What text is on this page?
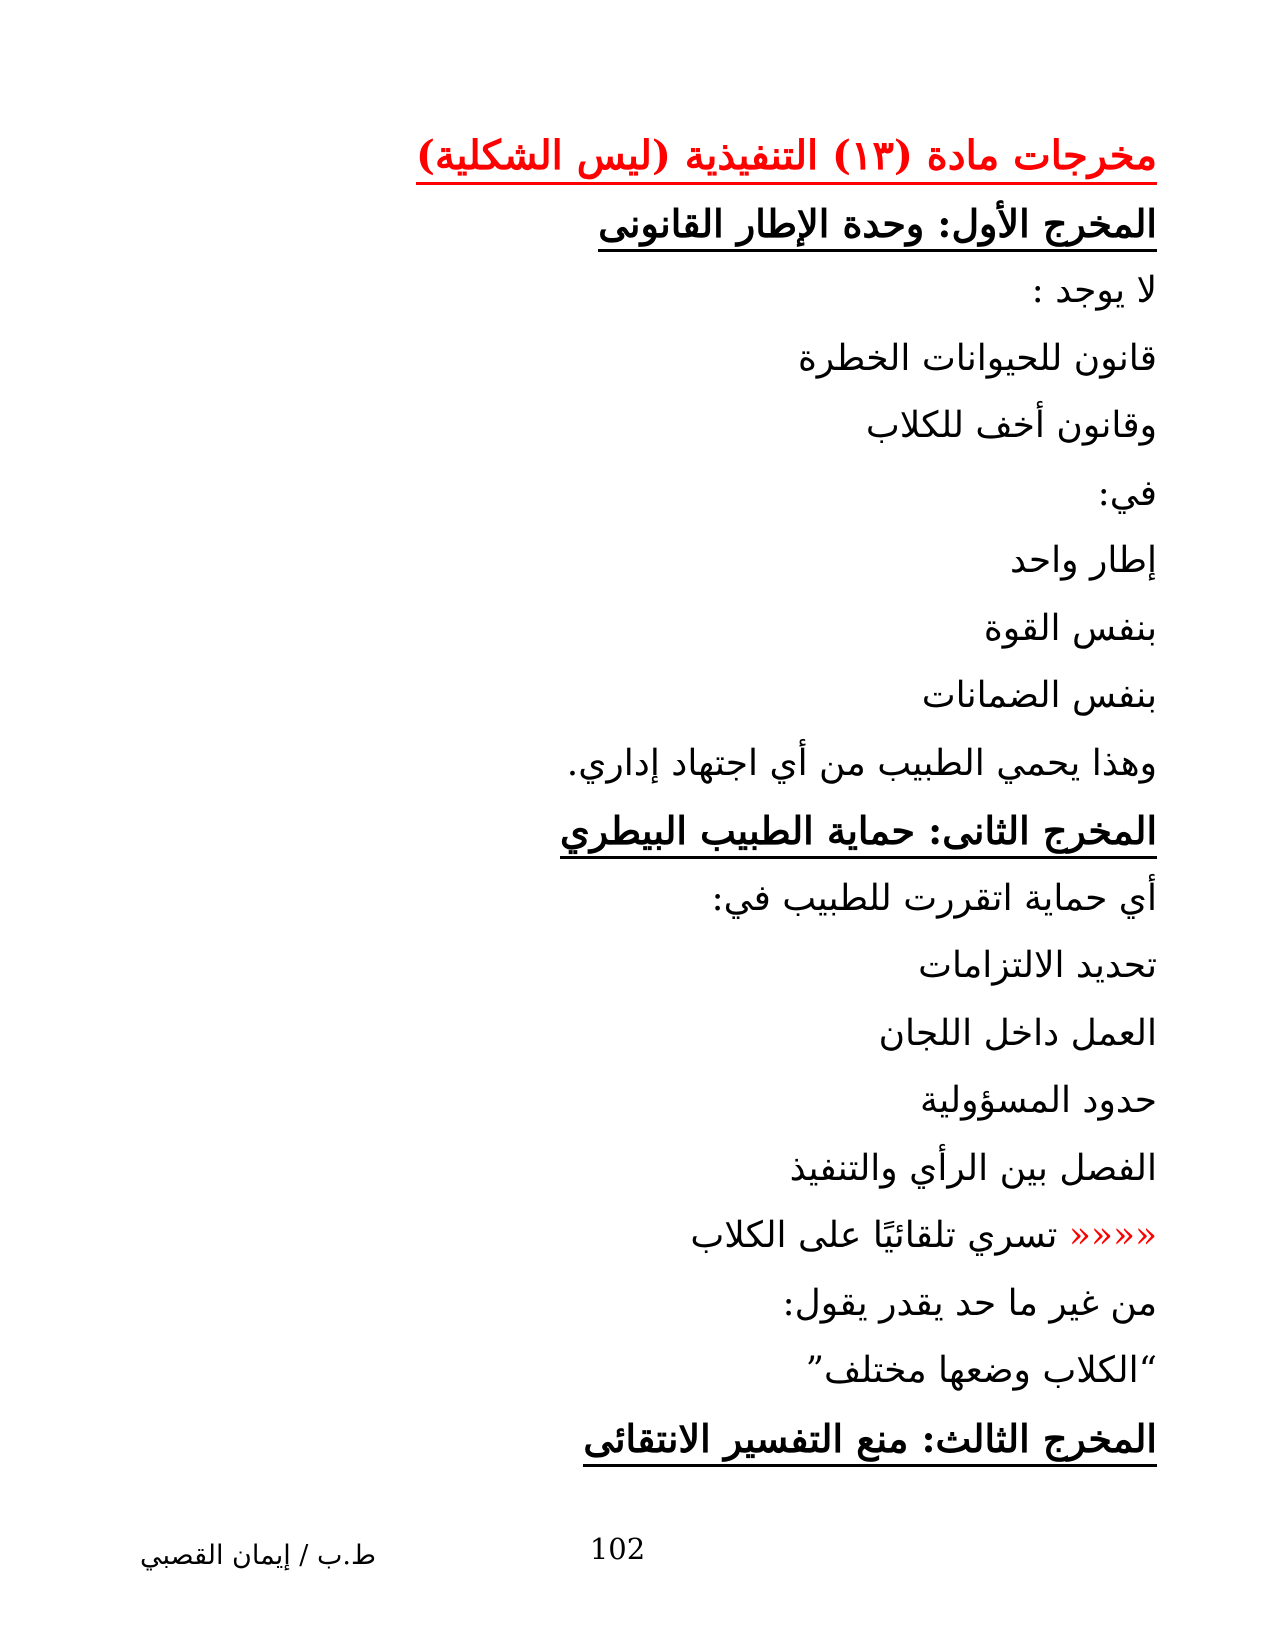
مخرجات مادة (١٣) التنفيذية (ليس الشكلية)
المخرج الأول: وحدة الإطار القانونى
لا يوجد :
قانون للحيوانات الخطرة
وقانون أخف للكلاب
في:
إطار واحد
بنفس القوة
بنفس الضمانات
وهذا يحمي الطبيب من أي اجتهاد إداري.
المخرج الثانى: حماية الطبيب البيطري
أي حماية اتقررت للطبيب في:
تحديد الالتزامات
العمل داخل اللجان
حدود المسؤولية
الفصل بين الرأي والتنفيذ
«««« تسري تلقائيًا على الكلاب
من غير ما حد يقدر يقول:
“الكلاب وضعها مختلف”
المخرج الثالث: منع التفسير الانتقائى
102
ط.ب / إيمان القصبي
